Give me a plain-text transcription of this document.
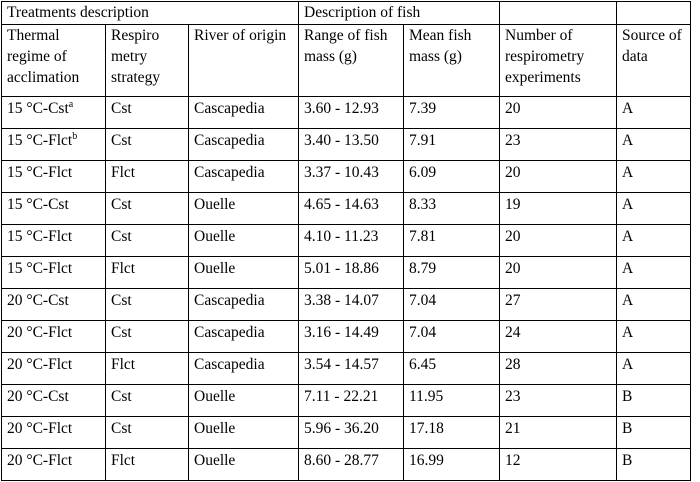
Treatments description			Description of fish			
Thermal regime of acclimation	Respiro metry strategy	River of origin	Range of fish mass (g)	Mean fish mass (g)	Number of respirometry experiments	Source of data
15 °C-Cst$^a$	Cst	Cascapedia	3.60 - 12.93	7.39	20	A
15 °C-Flct$^b$	Cst	Cascapedia	3.40 - 13.50	7.91	23	A
15 °C-Flct	Flct	Cascapedia	3.37 - 10.43	6.09	20	A
15 °C-Cst	Cst	Ouelle	4.65 - 14.63	8.33	19	A
15 °C-Flct	Cst	Ouelle	4.10 - 11.23	7.81	20	A
15 °C-Flct	Flct	Ouelle	5.01 - 18.86	8.79	20	A
20 °C-Cst	Cst	Cascapedia	3.38 - 14.07	7.04	27	A
20 °C-Flct	Cst	Cascapedia	3.16 - 14.49	7.04	24	A
20 °C-Flct	Flct	Cascapedia	3.54 - 14.57	6.45	28	A
20 °C-Cst	Cst	Ouelle	7.11 - 22.21	11.95	23	B
20 °C-Flct	Cst	Ouelle	5.96 - 36.20	17.18	21	B
20 °C-Flct	Flct	Ouelle	8.60 - 28.77	16.99	12	B
